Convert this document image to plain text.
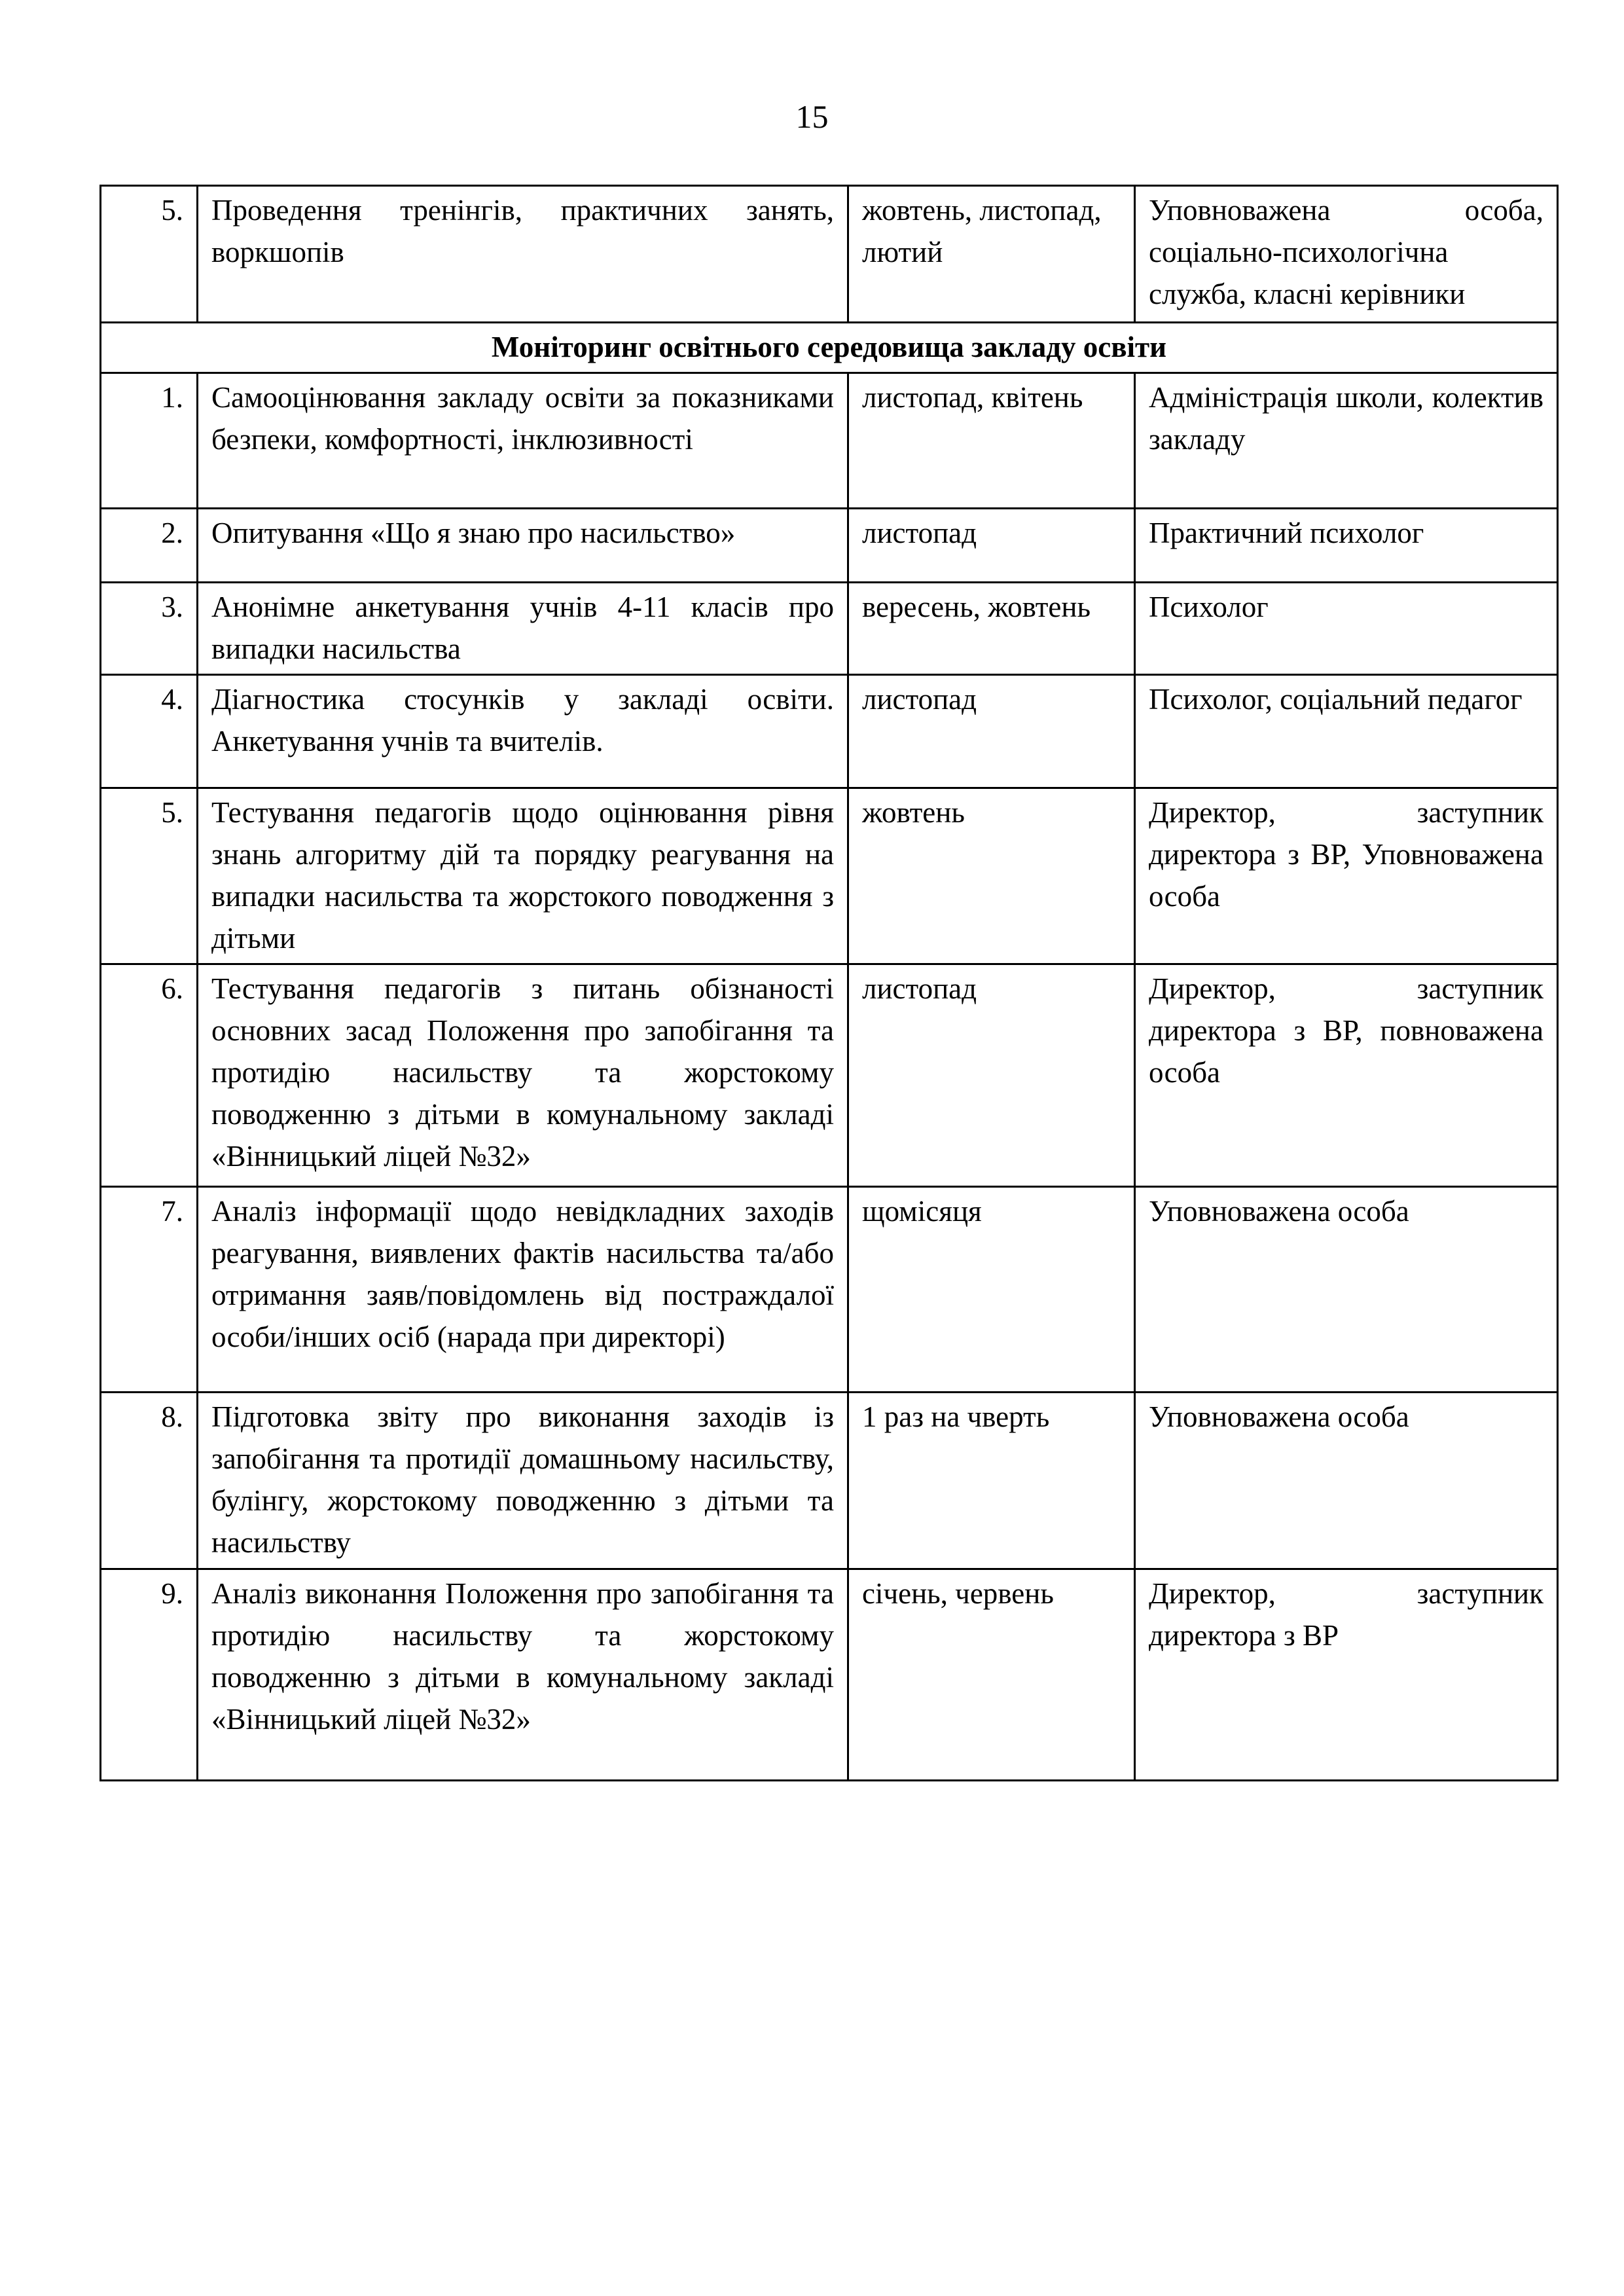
15
5.	Проведення тренінгів, практичних занять, воркшопів	жовтень, листопад, лютий	Уповноважена особа, соціально-психологічна служба, класні керівники
Моніторинг освітнього середовища закладу освіти			
1.	Самооцінювання закладу освіти за показниками безпеки, комфортності, інклюзивності	листопад, квітень	Адміністрація школи, колектив закладу
2.	Опитування «Що я знаю про насильство»	листопад	Практичний психолог
3.	Анонімне анкетування учнів 4-11 класів про випадки насильства	вересень, жовтень	Психолог
4.	Діагностика стосунків у закладі освіти. Анкетування учнів та вчителів.	листопад	Психолог, соціальний педагог
5.	Тестування педагогів щодо оцінювання рівня знань алгоритму дій та порядку реагування на випадки насильства та жорстокого поводження з дітьми	жовтень	Директор, заступник директора з ВР, Уповноважена особа
6.	Тестування педагогів з питань обізнаності основних засад Положення про запобігання та протидію насильству та жорстокому поводженню з дітьми в комунальному закладі «Вінницький ліцей №32»	листопад	Директор, заступник директора з ВР, повноважена особа
7.	Аналіз інформації щодо невідкладних заходів реагування, виявлених фактів насильства та/або отримання заяв/повідомлень від постраждалої особи/інших осіб (нарада при директорі)	щомісяця	Уповноважена особа
8.	Підготовка звіту про виконання заходів із запобігання та протидії домашньому насильству, булінгу, жорстокому поводженню з дітьми та насильству	1 раз на чверть	Уповноважена особа
9.	Аналіз виконання Положення про запобігання та протидію насильству та жорстокому поводженню з дітьми в комунальному закладі «Вінницький ліцей №32»	січень, червень	Директор, заступник директора з ВР
